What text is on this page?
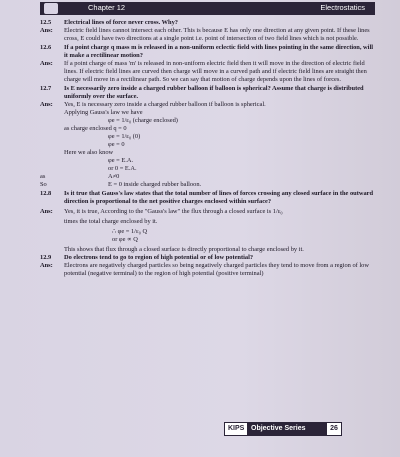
Chapter 12	Electrostatics
12.5	Electrical lines of force never cross. Why?
Ans:	Electric field lines cannot intersect each other. This is because E has only one direction at any given point. If these lines cross, E could have two directions at a single point i.e. point of intersection of two field lines which is not possible.
12.6	If a point charge q mass m is released in a non-uniform eclectic field with lines pointing in the same direction, will it make a rectilinear motion?
Ans:	If a point charge of mass 'm' is released in non-uniform electric field then it will move in the direction of electric field lines. If electric field lines are curved then charge will move in a curved path and if electric field lines are straight then charge will move in a rectilinear path. So we can say that motion of charge depends upon the lines of forces.
12.7	Is E necessarily zero inside a charged rubber balloon if balloon is spherical? Assume that charge is distributed uniformly over the surface.
Ans:	Yes, E is necessary zero inside a charged rubber balloon if balloon is spherical.
Applying Gauss's law we have
φe = 1/ε₀ (charge enclosed)
as charge enclosed q = 0
φe = 1/ε₀ (0)
φe = 0
Here we also know
φe = E.A.
or 0 = E.A.
as	A≠0
So	E = 0 inside charged rubber balloon.
12.8	Is it true that Gauss's law states that the total number of lines of forces crossing any closed surface in the outward direction is proportional to the net positive charges enclosed within surface?
Ans:	Yes, it is true, According to the "Gauss's law" the flux through a closed surface is 1/ε₀
times the total charge enclosed by it.
∴ φe = 1/ε₀ Q
or φe ∝ Q
This shows that flux through a closed surface is directly proportional to charge enclosed by it.
12.9	Do electrons tend to go to region of high potential or of low potential?
Ans:	Electrons are negatively charged particles so being negatively charged particles they tend to move from a region of low potential (negative terminal) to the region of high potential (positive terminal)
KIPS Objective Series	26
